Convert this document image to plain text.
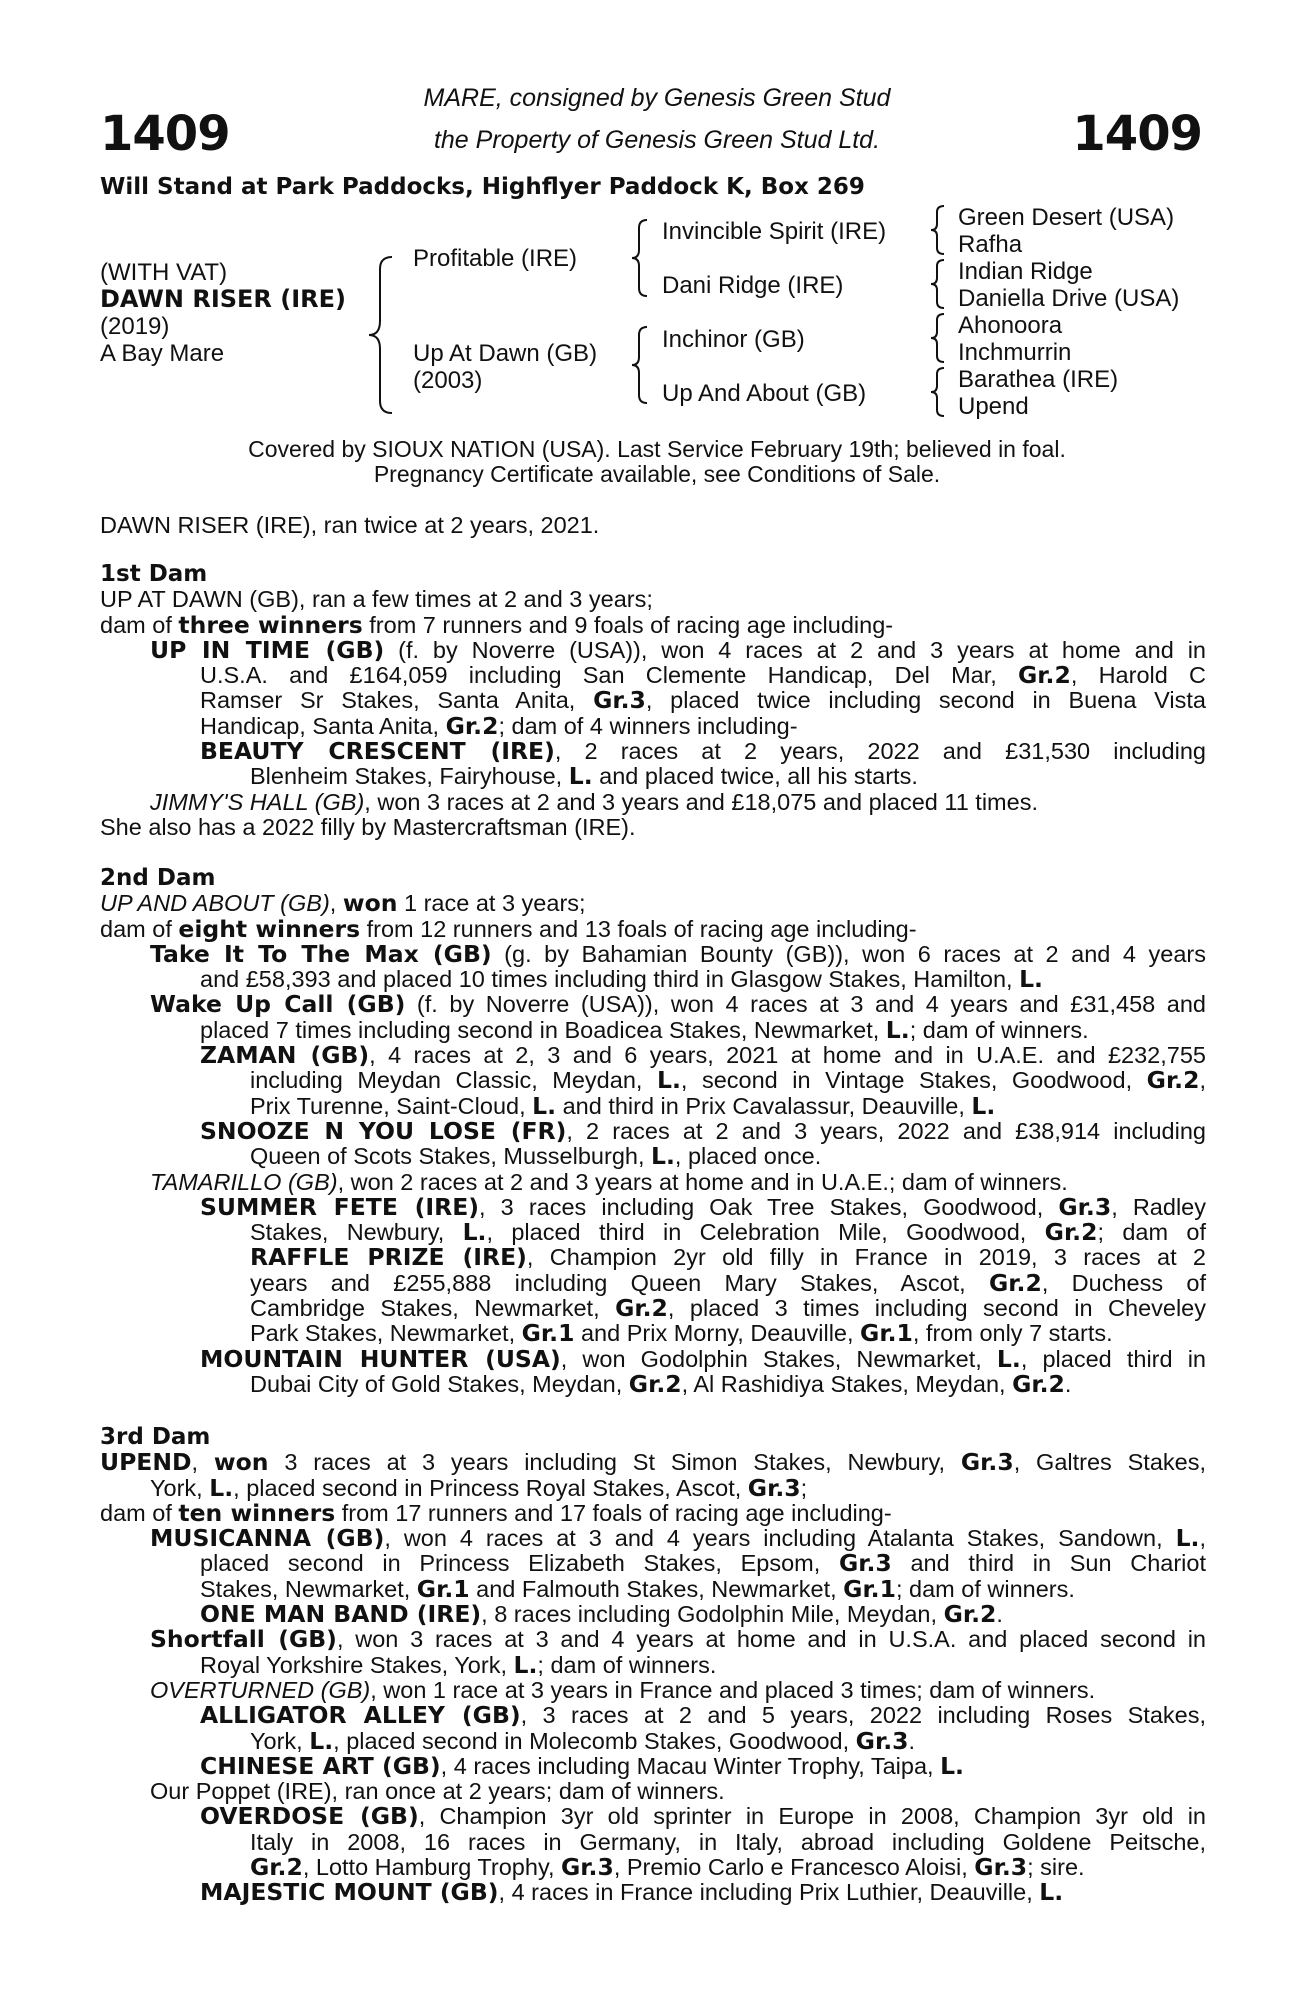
1409	1409
MARE, consigned by Genesis Green Stud
the Property of Genesis Green Stud Ltd.
Will Stand at Park Paddocks, Highflyer Paddock K, Box 269
(WITH VAT)
DAWN RISER (IRE)
(2019)
A Bay Mare
Profitable (IRE)
Up At Dawn (GB)
(2003)
Invincible Spirit (IRE)
Dani Ridge (IRE)
Inchinor (GB)
Up And About (GB)
Green Desert (USA)
Rafha
Indian Ridge
Daniella Drive (USA)
Ahonoora
Inchmurrin
Barathea (IRE)
Upend
Covered by SIOUX NATION (USA). Last Service February 19th; believed in foal.
Pregnancy Certificate available, see Conditions of Sale.
DAWN RISER (IRE), ran twice at 2 years, 2021.
1st Dam
UP AT DAWN (GB), ran a few times at 2 and 3 years;
dam of three winners from 7 runners and 9 foals of racing age including-
UP IN TIME (GB) (f. by Noverre (USA)), won 4 races at 2 and 3 years at home and in
U.S.A. and £164,059 including San Clemente Handicap, Del Mar, Gr.2, Harold C
Ramser Sr Stakes, Santa Anita, Gr.3, placed twice including second in Buena Vista
Handicap, Santa Anita, Gr.2; dam of 4 winners including-
BEAUTY CRESCENT (IRE), 2 races at 2 years, 2022 and £31,530 including
Blenheim Stakes, Fairyhouse, L. and placed twice, all his starts.
JIMMY'S HALL (GB), won 3 races at 2 and 3 years and £18,075 and placed 11 times.
She also has a 2022 filly by Mastercraftsman (IRE).
2nd Dam
UP AND ABOUT (GB), won 1 race at 3 years;
dam of eight winners from 12 runners and 13 foals of racing age including-
Take It To The Max (GB) (g. by Bahamian Bounty (GB)), won 6 races at 2 and 4 years
and £58,393 and placed 10 times including third in Glasgow Stakes, Hamilton, L.
Wake Up Call (GB) (f. by Noverre (USA)), won 4 races at 3 and 4 years and £31,458 and
placed 7 times including second in Boadicea Stakes, Newmarket, L.; dam of winners.
ZAMAN (GB), 4 races at 2, 3 and 6 years, 2021 at home and in U.A.E. and £232,755
including Meydan Classic, Meydan, L., second in Vintage Stakes, Goodwood, Gr.2,
Prix Turenne, Saint-Cloud, L. and third in Prix Cavalassur, Deauville, L.
SNOOZE N YOU LOSE (FR), 2 races at 2 and 3 years, 2022 and £38,914 including
Queen of Scots Stakes, Musselburgh, L., placed once.
TAMARILLO (GB), won 2 races at 2 and 3 years at home and in U.A.E.; dam of winners.
SUMMER FETE (IRE), 3 races including Oak Tree Stakes, Goodwood, Gr.3, Radley
Stakes, Newbury, L., placed third in Celebration Mile, Goodwood, Gr.2; dam of
RAFFLE PRIZE (IRE), Champion 2yr old filly in France in 2019, 3 races at 2
years and £255,888 including Queen Mary Stakes, Ascot, Gr.2, Duchess of
Cambridge Stakes, Newmarket, Gr.2, placed 3 times including second in Cheveley
Park Stakes, Newmarket, Gr.1 and Prix Morny, Deauville, Gr.1, from only 7 starts.
MOUNTAIN HUNTER (USA), won Godolphin Stakes, Newmarket, L., placed third in
Dubai City of Gold Stakes, Meydan, Gr.2, Al Rashidiya Stakes, Meydan, Gr.2.
3rd Dam
UPEND, won 3 races at 3 years including St Simon Stakes, Newbury, Gr.3, Galtres Stakes,
York, L., placed second in Princess Royal Stakes, Ascot, Gr.3;
dam of ten winners from 17 runners and 17 foals of racing age including-
MUSICANNA (GB), won 4 races at 3 and 4 years including Atalanta Stakes, Sandown, L.,
placed second in Princess Elizabeth Stakes, Epsom, Gr.3 and third in Sun Chariot
Stakes, Newmarket, Gr.1 and Falmouth Stakes, Newmarket, Gr.1; dam of winners.
ONE MAN BAND (IRE), 8 races including Godolphin Mile, Meydan, Gr.2.
Shortfall (GB), won 3 races at 3 and 4 years at home and in U.S.A. and placed second in
Royal Yorkshire Stakes, York, L.; dam of winners.
OVERTURNED (GB), won 1 race at 3 years in France and placed 3 times; dam of winners.
ALLIGATOR ALLEY (GB), 3 races at 2 and 5 years, 2022 including Roses Stakes,
York, L., placed second in Molecomb Stakes, Goodwood, Gr.3.
CHINESE ART (GB), 4 races including Macau Winter Trophy, Taipa, L.
Our Poppet (IRE), ran once at 2 years; dam of winners.
OVERDOSE (GB), Champion 3yr old sprinter in Europe in 2008, Champion 3yr old in
Italy in 2008, 16 races in Germany, in Italy, abroad including Goldene Peitsche,
Gr.2, Lotto Hamburg Trophy, Gr.3, Premio Carlo e Francesco Aloisi, Gr.3; sire.
MAJESTIC MOUNT (GB), 4 races in France including Prix Luthier, Deauville, L.
